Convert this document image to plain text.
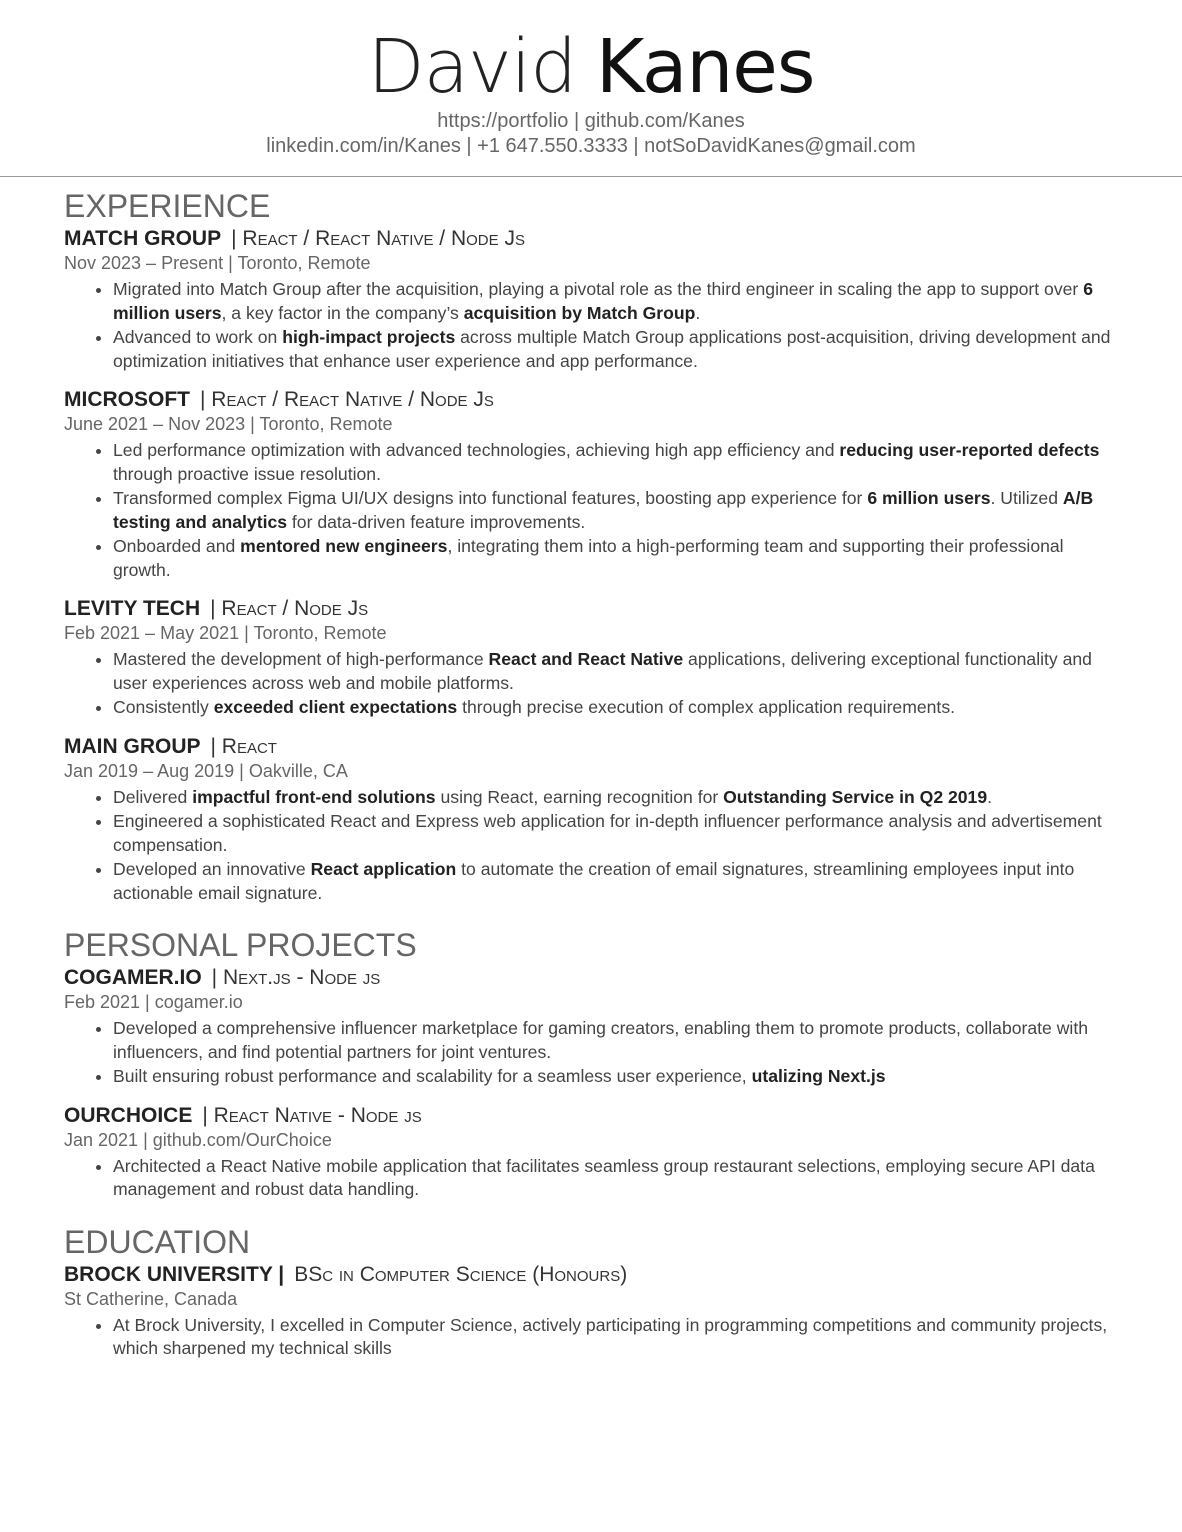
David Kanes
https://portfolio | github.com/Kanes
linkedin.com/in/Kanes | +1 647.550.3333 | notSoDavidKanes@gmail.com
EXPERIENCE
MATCH GROUP | React / React Native / Node Js
Nov 2023 – Present | Toronto, Remote
• Migrated into Match Group after the acquisition, playing a pivotal role as the third engineer in scaling the app to support over 6 million users, a key factor in the company’s acquisition by Match Group.
• Advanced to work on high-impact projects across multiple Match Group applications post-acquisition, driving development and optimization initiatives that enhance user experience and app performance.
MICROSOFT | React / React Native / Node Js
June 2021 – Nov 2023 | Toronto, Remote
• Led performance optimization with advanced technologies, achieving high app efficiency and reducing user-reported defects through proactive issue resolution.
• Transformed complex Figma UI/UX designs into functional features, boosting app experience for 6 million users. Utilized A/B testing and analytics for data-driven feature improvements.
• Onboarded and mentored new engineers, integrating them into a high-performing team and supporting their professional growth.
LEVITY TECH | React / Node Js
Feb 2021 – May 2021 | Toronto, Remote
• Mastered the development of high-performance React and React Native applications, delivering exceptional functionality and user experiences across web and mobile platforms.
• Consistently exceeded client expectations through precise execution of complex application requirements.
MAIN GROUP | React
Jan 2019 – Aug 2019 | Oakville, CA
• Delivered impactful front-end solutions using React, earning recognition for Outstanding Service in Q2 2019.
• Engineered a sophisticated React and Express web application for in-depth influencer performance analysis and advertisement compensation.
• Developed an innovative React application to automate the creation of email signatures, streamlining employees input into actionable email signature.
PERSONAL PROJECTS
COGAMER.IO | Next.js - Node js
Feb 2021 | cogamer.io
• Developed a comprehensive influencer marketplace for gaming creators, enabling them to promote products, collaborate with influencers, and find potential partners for joint ventures.
• Built ensuring robust performance and scalability for a seamless user experience, utalizing Next.js
OURCHOICE | React Native - Node js
Jan 2021 | github.com/OurChoice
• Architected a React Native mobile application that facilitates seamless group restaurant selections, employing secure API data management and robust data handling.
EDUCATION
BROCK UNIVERSITY | BSc in Computer Science (Honours)
St Catherine, Canada
• At Brock University, I excelled in Computer Science, actively participating in programming competitions and community projects, which sharpened my technical skills
